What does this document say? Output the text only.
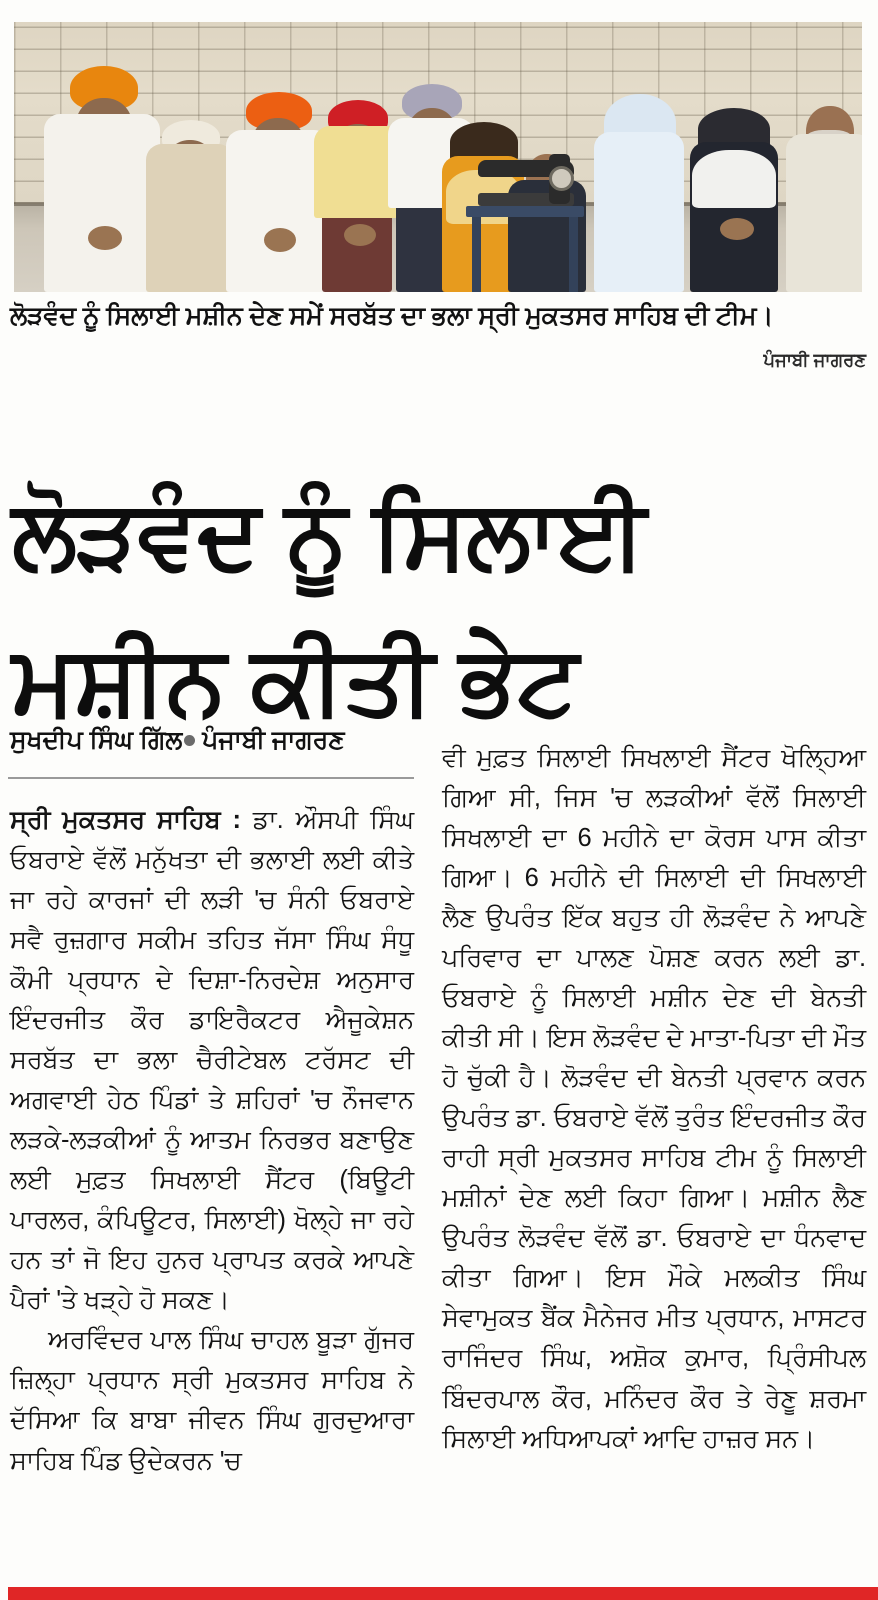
ਲੋੜਵੰਦ ਨੂੰ ਸਿਲਾਈ ਮਸ਼ੀਨ ਦੇਣ ਸਮੇਂ ਸਰਬੱਤ ਦਾ ਭਲਾ ਸ੍ਰੀ ਮੁਕਤਸਰ ਸਾਹਿਬ ਦੀ ਟੀਮ।
ਪੰਜਾਬੀ ਜਾਗਰਣ
ਲੋੜਵੰਦ ਨੂੰ ਸਿਲਾਈ ਮਸ਼ੀਨ ਕੀਤੀ ਭੇਟ
ਸੁਖਦੀਪ ਸਿੰਘ ਗਿੱਲ ਪੰਜਾਬੀ ਜਾਗਰਣ

ਸ੍ਰੀ ਮੁਕਤਸਰ ਸਾਹਿਬ : ਡਾ. ਔਸਪੀ ਸਿੰਘ ਓਬਰਾਏ ਵੱਲੋਂ ਮਨੁੱਖਤਾ ਦੀ ਭਲਾਈ ਲਈ ਕੀਤੇ ਜਾ ਰਹੇ ਕਾਰਜਾਂ ਦੀ ਲੜੀ 'ਚ ਸੰਨੀ ਓਬਰਾਏ ਸਵੈ ਰੁਜ਼ਗਾਰ ਸਕੀਮ ਤਹਿਤ ਜੱਸਾ ਸਿੰਘ ਸੰਧੂ ਕੌਮੀ ਪ੍ਰਧਾਨ ਦੇ ਦਿਸ਼ਾ-ਨਿਰਦੇਸ਼ ਅਨੁਸਾਰ ਇੰਦਰਜੀਤ ਕੌਰ ਡਾਇਰੈਕਟਰ ਐਜੂਕੇਸ਼ਨ ਸਰਬੱਤ ਦਾ ਭਲਾ ਚੈਰੀਟੇਬਲ ਟਰੱਸਟ ਦੀ ਅਗਵਾਈ ਹੇਠ ਪਿੰਡਾਂ ਤੇ ਸ਼ਹਿਰਾਂ 'ਚ ਨੌਜਵਾਨ ਲੜਕੇ-ਲੜਕੀਆਂ ਨੂੰ ਆਤਮ ਨਿਰਭਰ ਬਣਾਉਣ ਲਈ ਮੁਫ਼ਤ ਸਿਖਲਾਈ ਸੈਂਟਰ (ਬਿਊਟੀ ਪਾਰਲਰ, ਕੰਪਿਊਟਰ, ਸਿਲਾਈ) ਖੋਲ੍ਹੇ ਜਾ ਰਹੇ ਹਨ ਤਾਂ ਜੋ ਇਹ ਹੁਨਰ ਪ੍ਰਾਪਤ ਕਰਕੇ ਆਪਣੇ ਪੈਰਾਂ 'ਤੇ ਖੜ੍ਹੇ ਹੋ ਸਕਣ।

ਅਰਵਿੰਦਰ ਪਾਲ ਸਿੰਘ ਚਾਹਲ ਬੂੜਾ ਗੁੱਜਰ ਜ਼ਿਲ੍ਹਾ ਪ੍ਰਧਾਨ ਸ੍ਰੀ ਮੁਕਤਸਰ ਸਾਹਿਬ ਨੇ ਦੱਸਿਆ ਕਿ ਬਾਬਾ ਜੀਵਨ ਸਿੰਘ ਗੁਰਦੁਆਰਾ ਸਾਹਿਬ ਪਿੰਡ ਉਦੇਕਰਨ 'ਚ

ਵੀ ਮੁਫ਼ਤ ਸਿਲਾਈ ਸਿਖਲਾਈ ਸੈਂਟਰ ਖੋਲ੍ਹਿਆ ਗਿਆ ਸੀ, ਜਿਸ 'ਚ ਲੜਕੀਆਂ ਵੱਲੋਂ ਸਿਲਾਈ ਸਿਖਲਾਈ ਦਾ 6 ਮਹੀਨੇ ਦਾ ਕੋਰਸ ਪਾਸ ਕੀਤਾ ਗਿਆ। 6 ਮਹੀਨੇ ਦੀ ਸਿਲਾਈ ਦੀ ਸਿਖਲਾਈ ਲੈਣ ਉਪਰੰਤ ਇੱਕ ਬਹੁਤ ਹੀ ਲੋੜਵੰਦ ਨੇ ਆਪਣੇ ਪਰਿਵਾਰ ਦਾ ਪਾਲਣ ਪੋਸ਼ਣ ਕਰਨ ਲਈ ਡਾ. ਓਬਰਾਏ ਨੂੰ ਸਿਲਾਈ ਮਸ਼ੀਨ ਦੇਣ ਦੀ ਬੇਨਤੀ ਕੀਤੀ ਸੀ। ਇਸ ਲੋੜਵੰਦ ਦੇ ਮਾਤਾ-ਪਿਤਾ ਦੀ ਮੌਤ ਹੋ ਚੁੱਕੀ ਹੈ। ਲੋੜਵੰਦ ਦੀ ਬੇਨਤੀ ਪ੍ਰਵਾਨ ਕਰਨ ਉਪਰੰਤ ਡਾ. ਓਬਰਾਏ ਵੱਲੋਂ ਤੁਰੰਤ ਇੰਦਰਜੀਤ ਕੌਰ ਰਾਹੀ ਸ੍ਰੀ ਮੁਕਤਸਰ ਸਾਹਿਬ ਟੀਮ ਨੂੰ ਸਿਲਾਈ ਮਸ਼ੀਨਾਂ ਦੇਣ ਲਈ ਕਿਹਾ ਗਿਆ। ਮਸ਼ੀਨ ਲੈਣ ਉਪਰੰਤ ਲੋੜਵੰਦ ਵੱਲੋਂ ਡਾ. ਓਬਰਾਏ ਦਾ ਧੰਨਵਾਦ ਕੀਤਾ ਗਿਆ। ਇਸ ਮੌਕੇ ਮਲਕੀਤ ਸਿੰਘ ਸੇਵਾਮੁਕਤ ਬੈਂਕ ਮੈਨੇਜਰ ਮੀਤ ਪ੍ਰਧਾਨ, ਮਾਸਟਰ ਰਾਜਿੰਦਰ ਸਿੰਘ, ਅਸ਼ੋਕ ਕੁਮਾਰ, ਪ੍ਰਿੰਸੀਪਲ ਬਿੰਦਰਪਾਲ ਕੌਰ, ਮਨਿੰਦਰ ਕੌਰ ਤੇ ਰੇਣੂ ਸ਼ਰਮਾ ਸਿਲਾਈ ਅਧਿਆਪਕਾਂ ਆਦਿ ਹਾਜ਼ਰ ਸਨ।
